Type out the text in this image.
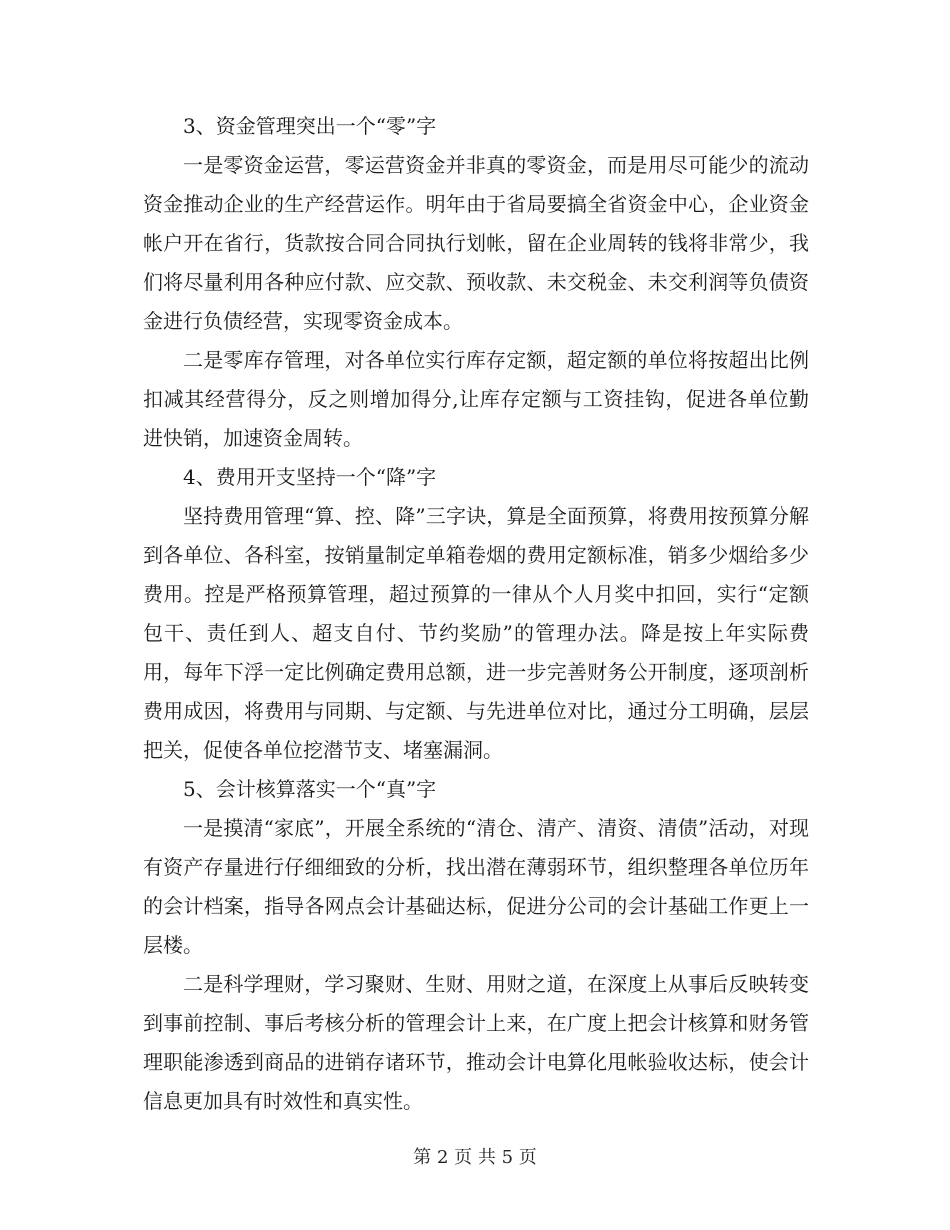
3、资金管理突出一个“零”字

一是零资金运营，零运营资金并非真的零资金，而是用尽可能少的流动资金推动企业的生产经营运作。明年由于省局要搞全省资金中心，企业资金帐户开在省行，货款按合同合同执行划帐，留在企业周转的钱将非常少，我们将尽量利用各种应付款、应交款、预收款、未交税金、未交利润等负债资金进行负债经营，实现零资金成本。

二是零库存管理，对各单位实行库存定额，超定额的单位将按超出比例扣减其经营得分，反之则增加得分,让库存定额与工资挂钩，促进各单位勤进快销，加速资金周转。

4、费用开支坚持一个“降”字

坚持费用管理“算、控、降”三字诀，算是全面预算，将费用按预算分解到各单位、各科室，按销量制定单箱卷烟的费用定额标准，销多少烟给多少费用。控是严格预算管理，超过预算的一律从个人月奖中扣回，实行“定额包干、责任到人、超支自付、节约奖励”的管理办法。降是按上年实际费用，每年下浮一定比例确定费用总额，进一步完善财务公开制度，逐项剖析费用成因，将费用与同期、与定额、与先进单位对比，通过分工明确，层层把关，促使各单位挖潜节支、堵塞漏洞。

5、会计核算落实一个“真”字

一是摸清“家底”，开展全系统的“清仓、清产、清资、清债”活动，对现有资产存量进行仔细细致的分析，找出潜在薄弱环节，组织整理各单位历年的会计档案，指导各网点会计基础达标，促进分公司的会计基础工作更上一层楼。

二是科学理财，学习聚财、生财、用财之道，在深度上从事后反映转变到事前控制、事后考核分析的管理会计上来，在广度上把会计核算和财务管理职能渗透到商品的进销存诸环节，推动会计电算化甩帐验收达标，使会计信息更加具有时效性和真实性。

第 2 页 共 5 页
